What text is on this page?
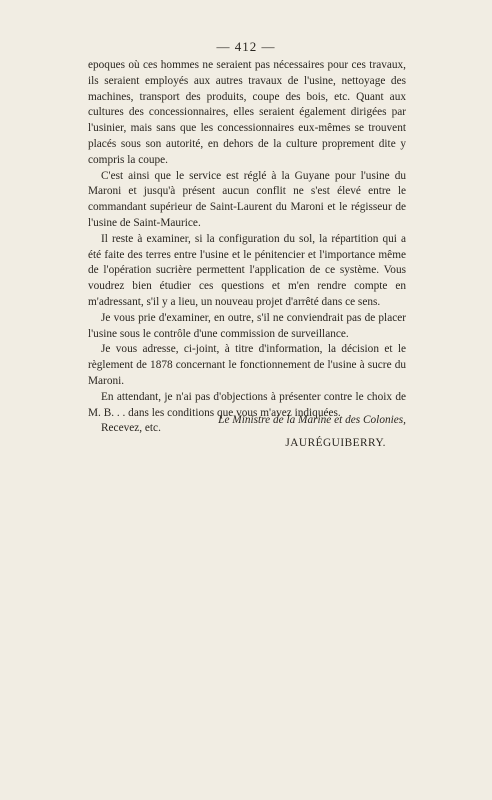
— 412 —

epoques où ces hommes ne seraient pas nécessaires pour ces travaux, ils seraient employés aux autres travaux de l'usine, nettoyage des machines, transport des produits, coupe des bois, etc. Quant aux cultures des concessionnaires, elles seraient également dirigées par l'usinier, mais sans que les concessionnaires eux-mêmes se trouvent placés sous son autorité, en dehors de la culture proprement dite y compris la coupe.

C'est ainsi que le service est réglé à la Guyane pour l'usine du Maroni et jusqu'à présent aucun conflit ne s'est élevé entre le commandant supérieur de Saint-Laurent du Maroni et le régisseur de l'usine de Saint-Maurice.

Il reste à examiner, si la configuration du sol, la répartition qui a été faite des terres entre l'usine et le pénitencier et l'importance même de l'opération sucrière permettent l'application de ce système. Vous voudrez bien étudier ces questions et m'en rendre compte en m'adressant, s'il y a lieu, un nouveau projet d'arrêté dans ce sens.

Je vous prie d'examiner, en outre, s'il ne conviendrait pas de placer l'usine sous le contrôle d'une commission de surveillance.

Je vous adresse, ci-joint, à titre d'information, la décision et le règlement de 1878 concernant le fonctionnement de l'usine à sucre du Maroni.

En attendant, je n'ai pas d'objections à présenter contre le choix de M. B. . . dans les conditions que vous m'avez indiquées.

Recevez, etc.

Le Ministre de la Marine et des Colonies,
JAURÉGUIBERRY.
